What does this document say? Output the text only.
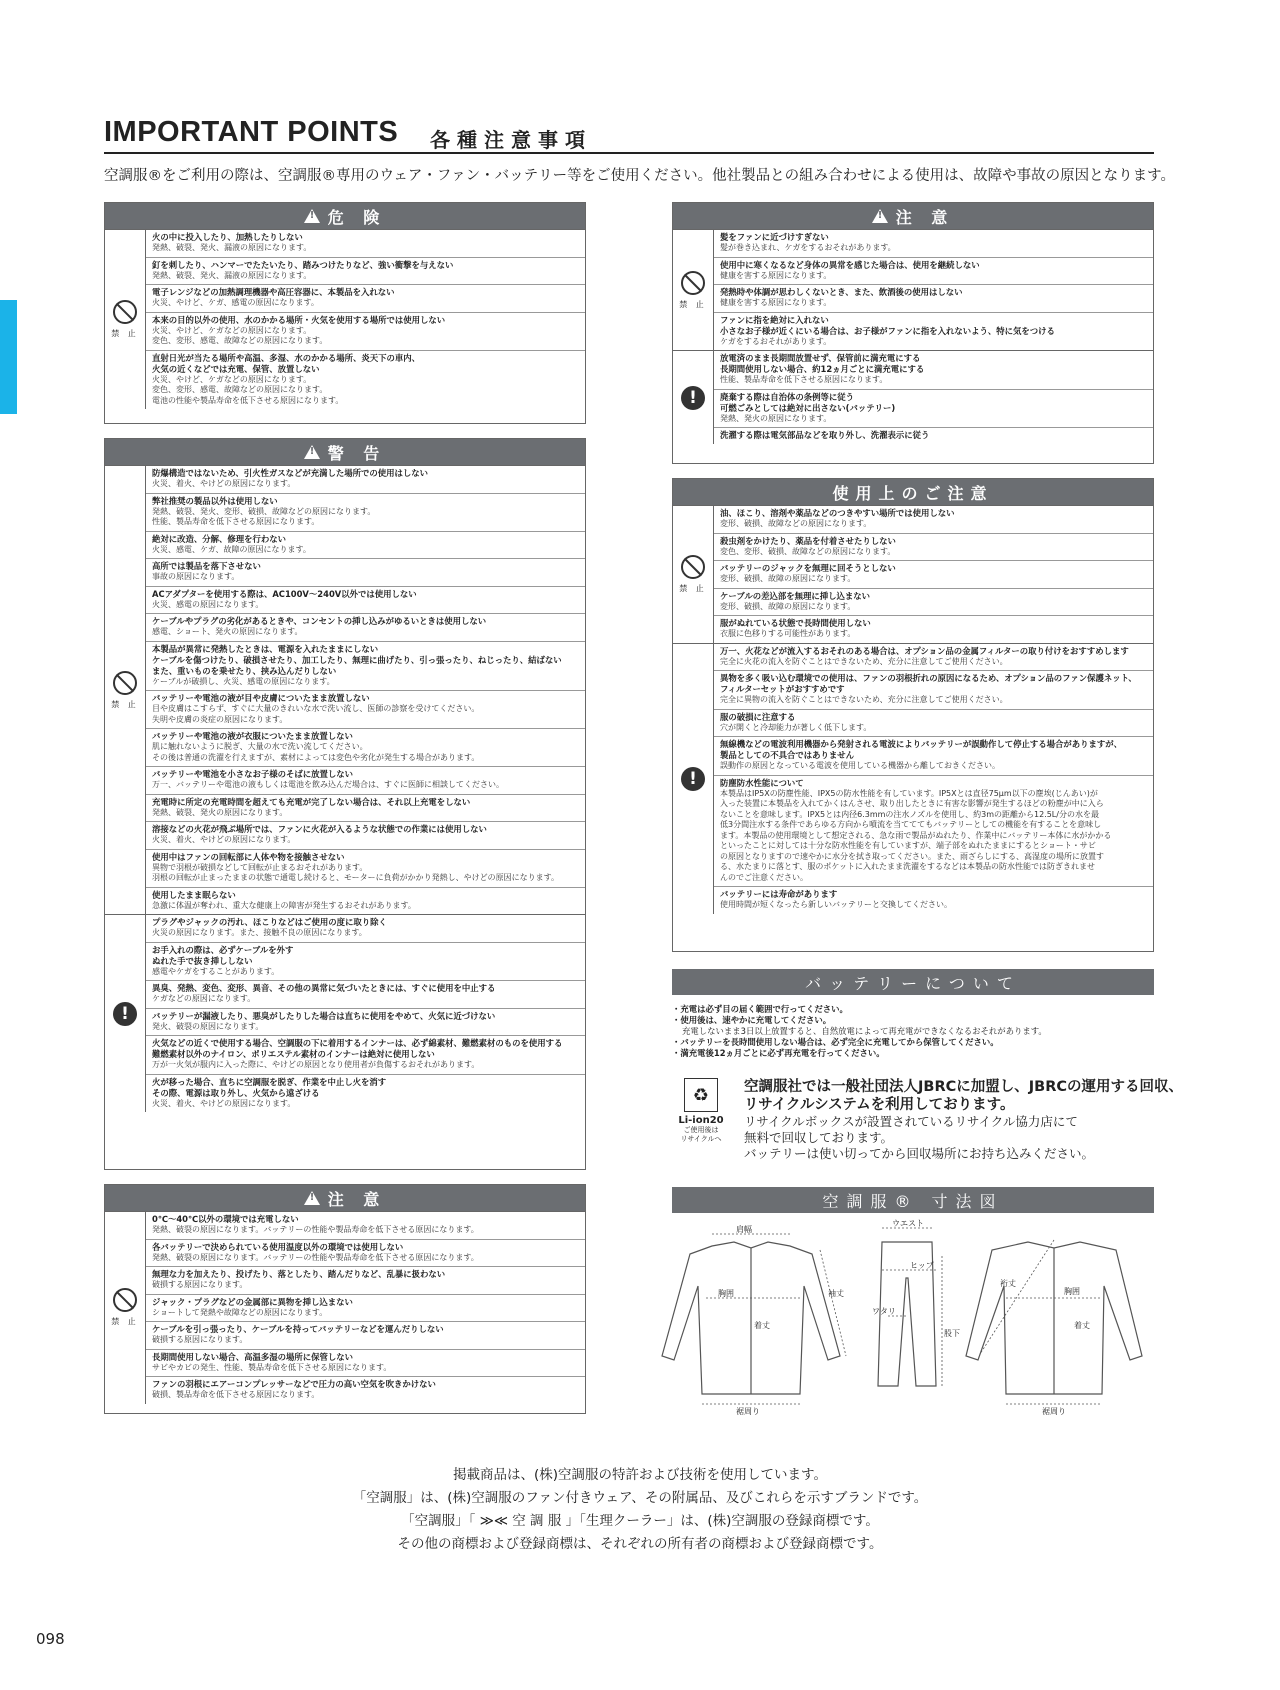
IMPORTANT POINTS 各種注意事項
空調服®をご利用の際は、空調服®専用のウェア・ファン・バッテリー等をご使用ください。他社製品との組み合わせによる使用は、故障や事故の原因となります。
!
危 険
禁 止
火の中に投入したり、加熱したりしない
発熱、破裂、発火、漏液の原因になります。
釘を刺したり、ハンマーでたたいたり、踏みつけたりなど、強い衝撃を与えない
発熱、破裂、発火、漏液の原因になります。
電子レンジなどの加熱調理機器や高圧容器に、本製品を入れない
火災、やけど、ケガ、感電の原因になります。
本来の目的以外の使用、水のかかる場所・火気を使用する場所では使用しない
火災、やけど、ケガなどの原因になります。
変色、変形、感電、故障などの原因になります。
直射日光が当たる場所や高温、多湿、水のかかる場所、炎天下の車内、
火気の近くなどでは充電、保管、放置しない
火災、やけど、ケガなどの原因になります。
変色、変形、感電、故障などの原因になります。
電池の性能や製品寿命を低下させる原因になります。
!
警 告
禁 止
防爆構造ではないため、引火性ガスなどが充満した場所での使用はしない
火災、着火、やけどの原因になります。
弊社推奨の製品以外は使用しない
発熱、破裂、発火、変形、破損、故障などの原因になります。
性能、製品寿命を低下させる原因になります。
絶対に改造、分解、修理を行わない
火災、感電、ケガ、故障の原因になります。
高所では製品を落下させない
事故の原因になります。
ACアダプターを使用する際は、AC100V～240V以外では使用しない
火災、感電の原因になります。
ケーブルやプラグの劣化があるときや、コンセントの挿し込みがゆるいときは使用しない
感電、ショート、発火の原因になります。
本製品が異常に発熱したときは、電源を入れたままにしない
ケーブルを傷つけたり、破損させたり、加工したり、無理に曲げたり、引っ張ったり、ねじったり、結ばない
また、重いものを乗せたり、挟み込んだりしない
ケーブルが破損し、火災、感電の原因になります。
バッテリーや電池の液が目や皮膚についたまま放置しない
目や皮膚はこすらず、すぐに大量のきれいな水で洗い流し、医師の診察を受けてください。
失明や皮膚の炎症の原因になります。
バッテリーや電池の液が衣服についたまま放置しない
肌に触れないように脱ぎ、大量の水で洗い流してください。
その後は普通の洗濯を行えますが、素材によっては変色や劣化が発生する場合があります。
バッテリーや電池を小さなお子様のそばに放置しない
万一、バッテリーや電池の液もしくは電池を飲み込んだ場合は、すぐに医師に相談してください。
充電時に所定の充電時間を超えても充電が完了しない場合は、それ以上充電をしない
発熱、破裂、発火の原因になります。
溶接などの火花が飛ぶ場所では、ファンに火花が入るような状態での作業には使用しない
火災、着火、やけどの原因になります。
使用中はファンの回転部に人体や物を接触させない
異物で羽根が破損などして回転が止まるおそれがあります。
羽根の回転が止まったままの状態で通電し続けると、モーターに負荷がかかり発熱し、やけどの原因になります。
使用したまま眠らない
急激に体温が奪われ、重大な健康上の障害が発生するおそれがあります。
!
プラグやジャックの汚れ、ほこりなどはご使用の度に取り除く
火災の原因になります。また、接触不良の原因になります。
お手入れの際は、必ずケーブルを外す
ぬれた手で抜き挿ししない
感電やケガをすることがあります。
異臭、発熱、変色、変形、異音、その他の異常に気づいたときには、すぐに使用を中止する
ケガなどの原因になります。
バッテリーが漏液したり、悪臭がしたりした場合は直ちに使用をやめて、火気に近づけない
発火、破裂の原因になります。
火気などの近くで使用する場合、空調服の下に着用するインナーは、必ず綿素材、難燃素材のものを使用する
難燃素材以外のナイロン、ポリエステル素材のインナーは絶対に使用しない
万が一火気が服内に入った際に、やけどの原因となり使用者が負傷するおそれがあります。
火が移った場合、直ちに空調服を脱ぎ、作業を中止し火を消す
その際、電源は取り外し、火気から遠ざける
火災、着火、やけどの原因になります。
!
注 意
禁 止
0℃～40℃以外の環境では充電しない
発熱、破裂の原因になります。バッテリーの性能や製品寿命を低下させる原因になります。
各バッテリーで決められている使用温度以外の環境では使用しない
発熱、破裂の原因になります。バッテリーの性能や製品寿命を低下させる原因になります。
無理な力を加えたり、投げたり、落としたり、踏んだりなど、乱暴に扱わない
破損する原因になります。
ジャック・プラグなどの金属部に異物を挿し込まない
ショートして発熱や故障などの原因になります。
ケーブルを引っ張ったり、ケーブルを持ってバッテリーなどを運んだりしない
破損する原因になります。
長期間使用しない場合、高温多湿の場所に保管しない
サビやカビの発生、性能、製品寿命を低下させる原因になります。
ファンの羽根にエアーコンプレッサーなどで圧力の高い空気を吹きかけない
破損、製品寿命を低下させる原因になります。
!
注 意
禁 止
髪をファンに近づけすぎない
髪が巻き込まれ、ケガをするおそれがあります。
使用中に寒くなるなど身体の異常を感じた場合は、使用を継続しない
健康を害する原因になります。
発熱時や体調が思わしくないとき、また、飲酒後の使用はしない
健康を害する原因になります。
ファンに指を絶対に入れない
小さなお子様が近くにいる場合は、お子様がファンに指を入れないよう、特に気をつける
ケガをするおそれがあります。
!
放電済のまま長期間放置せず、保管前に満充電にする
長期間使用しない場合、約12ヵ月ごとに満充電にする
性能、製品寿命を低下させる原因になります。
廃棄する際は自治体の条例等に従う
可燃ごみとしては絶対に出さない(バッテリー)
発熱、発火の原因になります。
洗濯する際は電気部品などを取り外し、洗濯表示に従う
使用上のご注意
禁 止
油、ほこり、溶剤や薬品などのつきやすい場所では使用しない
変形、破損、故障などの原因になります。
殺虫剤をかけたり、薬品を付着させたりしない
変色、変形、破損、故障などの原因になります。
バッテリーのジャックを無理に回そうとしない
変形、破損、故障の原因になります。
ケーブルの差込部を無理に挿し込まない
変形、破損、故障の原因になります。
服がぬれている状態で長時間使用しない
衣服に色移りする可能性があります。
!
万一、火花などが流入するおそれのある場合は、オプション品の金属フィルターの取り付けをおすすめします
完全に火花の流入を防ぐことはできないため、充分に注意してご使用ください。
異物を多く吸い込む環境での使用は、ファンの羽根折れの原因になるため、オプション品のファン保護ネット、
フィルターセットがおすすめです
完全に異物の流入を防ぐことはできないため、充分に注意してご使用ください。
服の破損に注意する
穴が開くと冷却能力が著しく低下します。
無線機などの電波利用機器から発射される電波によりバッテリーが誤動作して停止する場合がありますが、
製品としての不具合ではありません
誤動作の原因となっている電波を使用している機器から離しておきください。
防塵防水性能について
本製品はIP5Xの防塵性能、IPX5の防水性能を有しています。IP5Xとは直径75μm以下の塵埃(じんあい)が
入った装置に本製品を入れてかくはんさせ、取り出したときに有害な影響が発生するほどの粉塵が中に入ら
ないことを意味します。IPX5とは内径6.3mmの注水ノズルを使用し、約3mの距離から12.5L/分の水を最
低3分間注水する条件であらゆる方向から噴流を当てててもバッテリーとしての機能を有することを意味し
ます。本製品の使用環境として想定される、急な雨で製品がぬれたり、作業中にバッテリー本体に水がかかる
といったことに対しては十分な防水性能を有していますが、端子部をぬれたままにするとショート・サビ
の原因となりますので速やかに水分を拭き取ってください。また、雨ざらしにする、高湿度の場所に放置す
る、水たまりに落とす、服のポケットに入れたまま洗濯をするなどは本製品の防水性能では防ぎきれませ
んのでご注意ください。
バッテリーには寿命があります
使用時間が短くなったら新しいバッテリーと交換してください。
バッテリーについて
・充電は必ず目の届く範囲で行ってください。
・使用後は、速やかに充電してください。
充電しないまま3日以上放置すると、自然放電によって再充電ができなくなるおそれがあります。
・バッテリーを長時間使用しない場合は、必ず完全に充電してから保管してください。
・満充電後12ヵ月ごとに必ず再充電を行ってください。
♻
Li-ion20
ご使用後は
リサイクルへ
空調服社では一般社団法人JBRCに加盟し、JBRCの運用する回収、
リサイクルシステムを利用しております。
リサイクルボックスが設置されているリサイクル協力店にて
無料で回収しております。
バッテリーは使い切ってから回収場所にお持ち込みください。
空調服® 寸法図
肩幅
袖丈
胸囲
着丈
裾周り
ウエスト
ヒップ
ワタリ
股下
裄丈
胸囲
着丈
裾周り
掲載商品は、(株)空調服の特許および技術を使用しています。
「空調服」は、(株)空調服のファン付きウェア、その附属品、及びこれらを示すブランドです。
「空調服」「 ≫≪ 空 調 服 」「生理クーラー」は、(株)空調服の登録商標です。
その他の商標および登録商標は、それぞれの所有者の商標および登録商標です。
098
